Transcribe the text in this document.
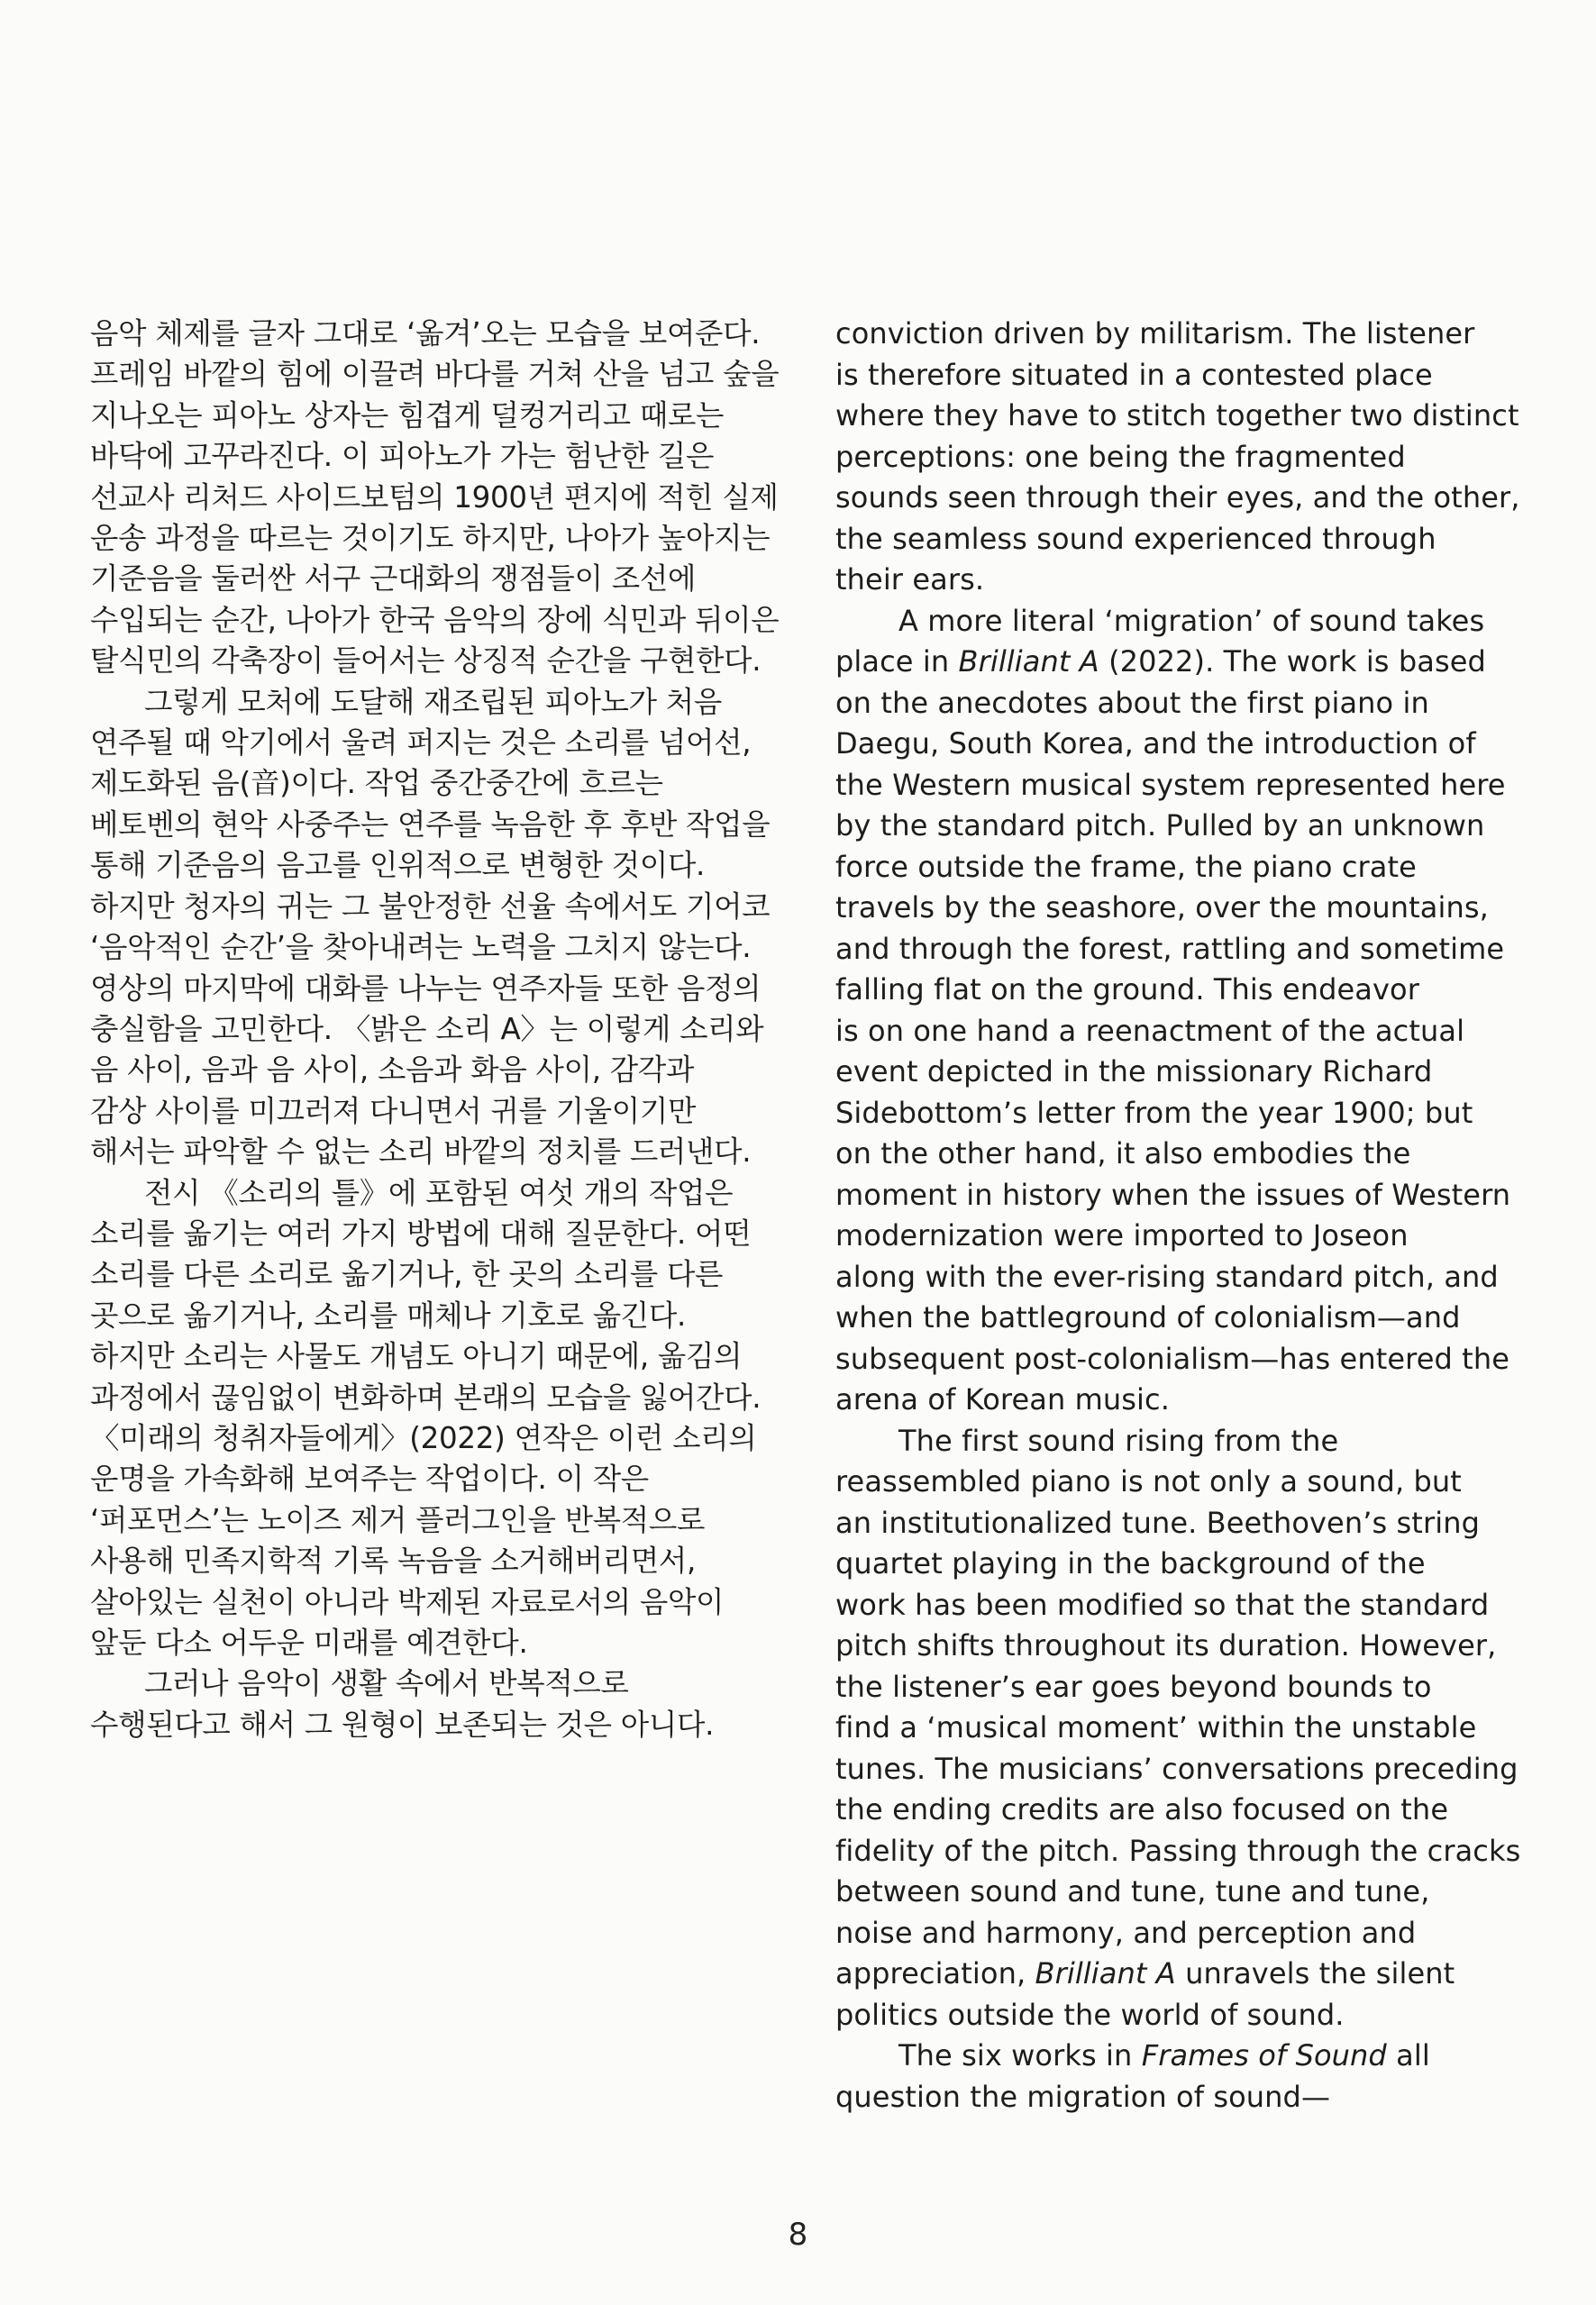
음악 체제를 글자 그대로 ‘옮겨’오는 모습을 보여준다.
프레임 바깥의 힘에 이끌려 바다를 거쳐 산을 넘고 숲을
지나오는 피아노 상자는 힘겹게 덜컹거리고 때로는
바닥에 고꾸라진다. 이 피아노가 가는 험난한 길은
선교사 리처드 사이드보텀의 1900년 편지에 적힌 실제
운송 과정을 따르는 것이기도 하지만, 나아가 높아지는
기준음을 둘러싼 서구 근대화의 쟁점들이 조선에
수입되는 순간, 나아가 한국 음악의 장에 식민과 뒤이은
탈식민의 각축장이 들어서는 상징적 순간을 구현한다.
그렇게 모처에 도달해 재조립된 피아노가 처음
연주될 때 악기에서 울려 퍼지는 것은 소리를 넘어선,
제도화된 음(音)이다. 작업 중간중간에 흐르는
베토벤의 현악 사중주는 연주를 녹음한 후 후반 작업을
통해 기준음의 음고를 인위적으로 변형한 것이다.
하지만 청자의 귀는 그 불안정한 선율 속에서도 기어코
‘음악적인 순간’을 찾아내려는 노력을 그치지 않는다.
영상의 마지막에 대화를 나누는 연주자들 또한 음정의
충실함을 고민한다. 〈밝은 소리 A〉는 이렇게 소리와
음 사이, 음과 음 사이, 소음과 화음 사이, 감각과
감상 사이를 미끄러져 다니면서 귀를 기울이기만
해서는 파악할 수 없는 소리 바깥의 정치를 드러낸다.
전시 《소리의 틀》에 포함된 여섯 개의 작업은
소리를 옮기는 여러 가지 방법에 대해 질문한다. 어떤
소리를 다른 소리로 옮기거나, 한 곳의 소리를 다른
곳으로 옮기거나, 소리를 매체나 기호로 옮긴다.
하지만 소리는 사물도 개념도 아니기 때문에, 옮김의
과정에서 끊임없이 변화하며 본래의 모습을 잃어간다.
〈미래의 청취자들에게〉(2022) 연작은 이런 소리의
운명을 가속화해 보여주는 작업이다. 이 작은
‘퍼포먼스’는 노이즈 제거 플러그인을 반복적으로
사용해 민족지학적 기록 녹음을 소거해버리면서,
살아있는 실천이 아니라 박제된 자료로서의 음악이
앞둔 다소 어두운 미래를 예견한다.
그러나 음악이 생활 속에서 반복적으로
수행된다고 해서 그 원형이 보존되는 것은 아니다.
conviction driven by militarism. The listener
is therefore situated in a contested place
where they have to stitch together two distinct
perceptions: one being the fragmented
sounds seen through their eyes, and the other,
the seamless sound experienced through
their ears.
A more literal ‘migration’ of sound takes
place in Brilliant A (2022). The work is based
on the anecdotes about the first piano in
Daegu, South Korea, and the introduction of
the Western musical system represented here
by the standard pitch. Pulled by an unknown
force outside the frame, the piano crate
travels by the seashore, over the mountains,
and through the forest, rattling and sometime
falling flat on the ground. This endeavor
is on one hand a reenactment of the actual
event depicted in the missionary Richard
Sidebottom’s letter from the year 1900; but
on the other hand, it also embodies the
moment in history when the issues of Western
modernization were imported to Joseon
along with the ever-rising standard pitch, and
when the battleground of colonialism—and
subsequent post-colonialism—has entered the
arena of Korean music.
The first sound rising from the
reassembled piano is not only a sound, but
an institutionalized tune. Beethoven’s string
quartet playing in the background of the
work has been modified so that the standard
pitch shifts throughout its duration. However,
the listener’s ear goes beyond bounds to
find a ‘musical moment’ within the unstable
tunes. The musicians’ conversations preceding
the ending credits are also focused on the
fidelity of the pitch. Passing through the cracks
between sound and tune, tune and tune,
noise and harmony, and perception and
appreciation, Brilliant A unravels the silent
politics outside the world of sound.
The six works in Frames of Sound all
question the migration of sound—
8
